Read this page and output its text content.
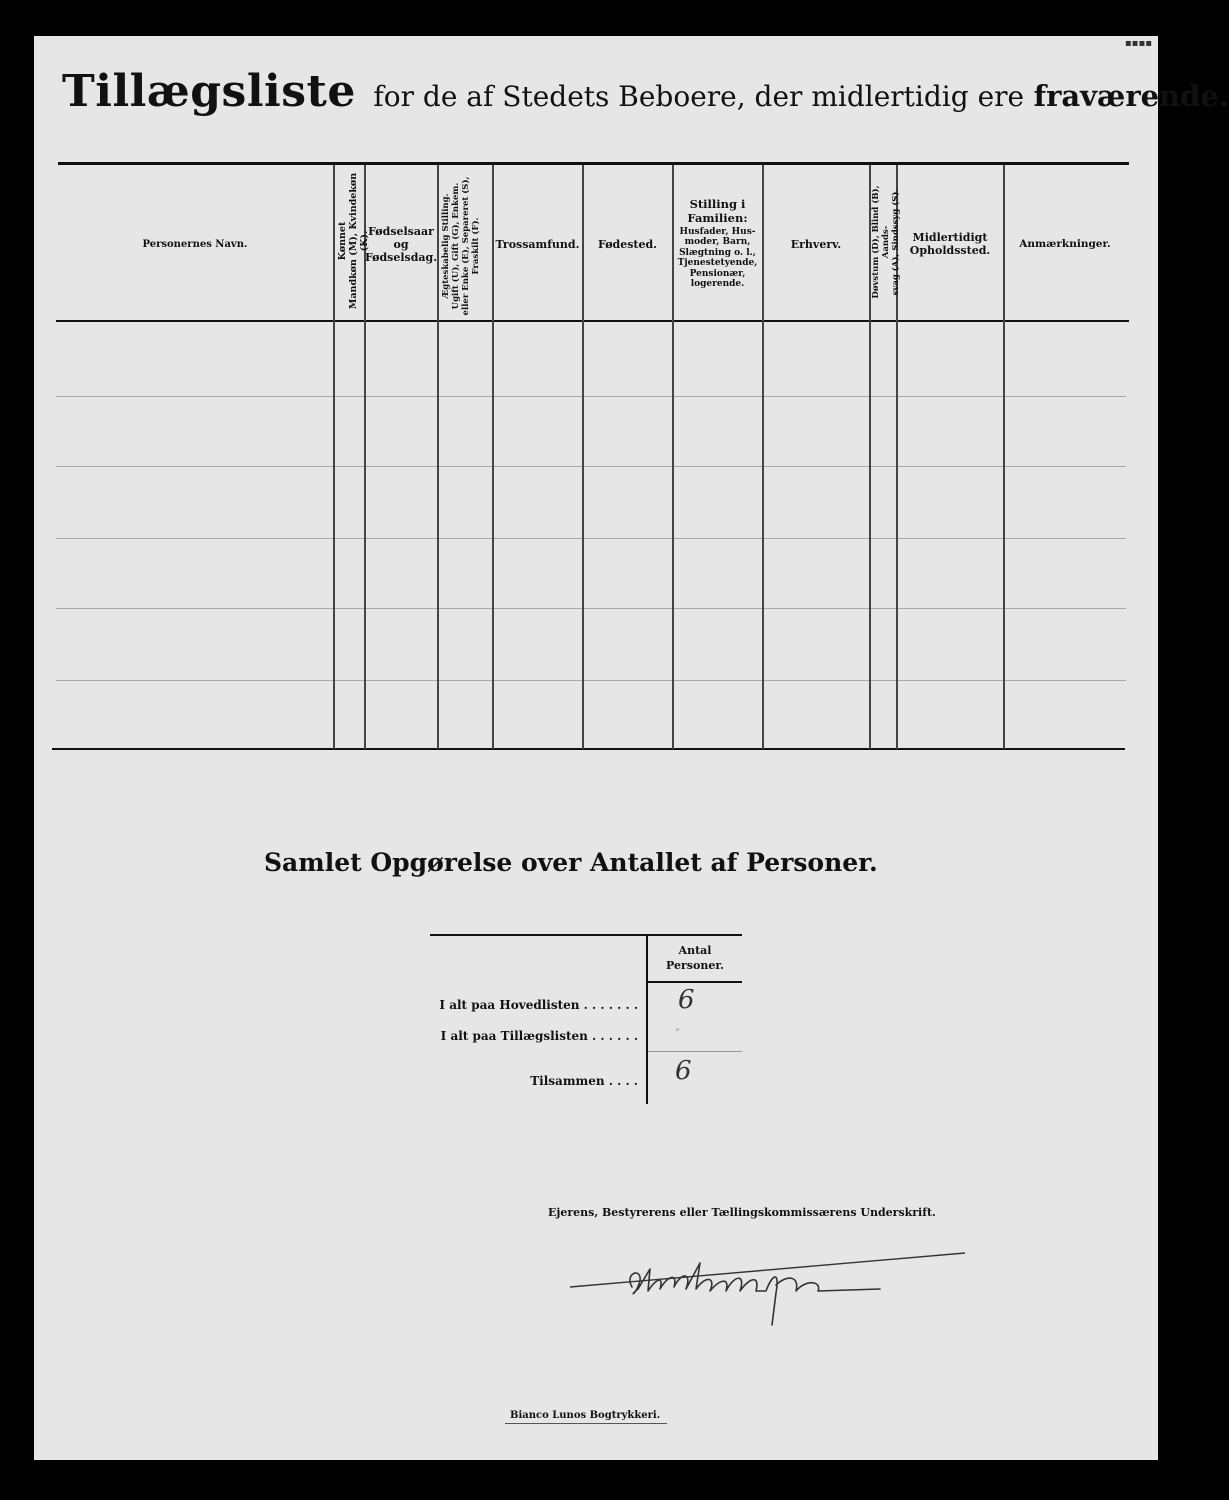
▪▪▪▪
Tillægsliste for de af Stedets Beboere, der midlertidig ere fraværende.
Personernes Navn.	Kønnet
Mandkøn (M), Kvindekøn (K).
Fødselsaar
og
Fødselsdag. Ægteskabelig Stilling.
Ugift (U), Gift (G), Enkem.
eller Enke (E), Separeret (S),
Fraskilt (F).
Trossamfund. Fødested.
Stilling i
Familien:
Husfader, Hus-
moder, Barn,
Slægtning o. l.,
Tjenestetyende,
Pensionær,
logerende.
Erhverv.
Døvstum (D), Blind (B), Aands-
svag (A), Sindssyg (S).
Midlertidigt
Opholdssted.
Anmærkninger.
Samlet Opgørelse over Antallet af Personer.
Antal
Personer.
I alt paa Hovedlisten . . . . . . . 6
I alt paa Tillægslisten . . . . . .	◦
Tilsammen . . . . 6
Ejerens, Bestyrerens eller Tællingskommissærens Underskrift.
Bianco Lunos Bogtrykkeri.
